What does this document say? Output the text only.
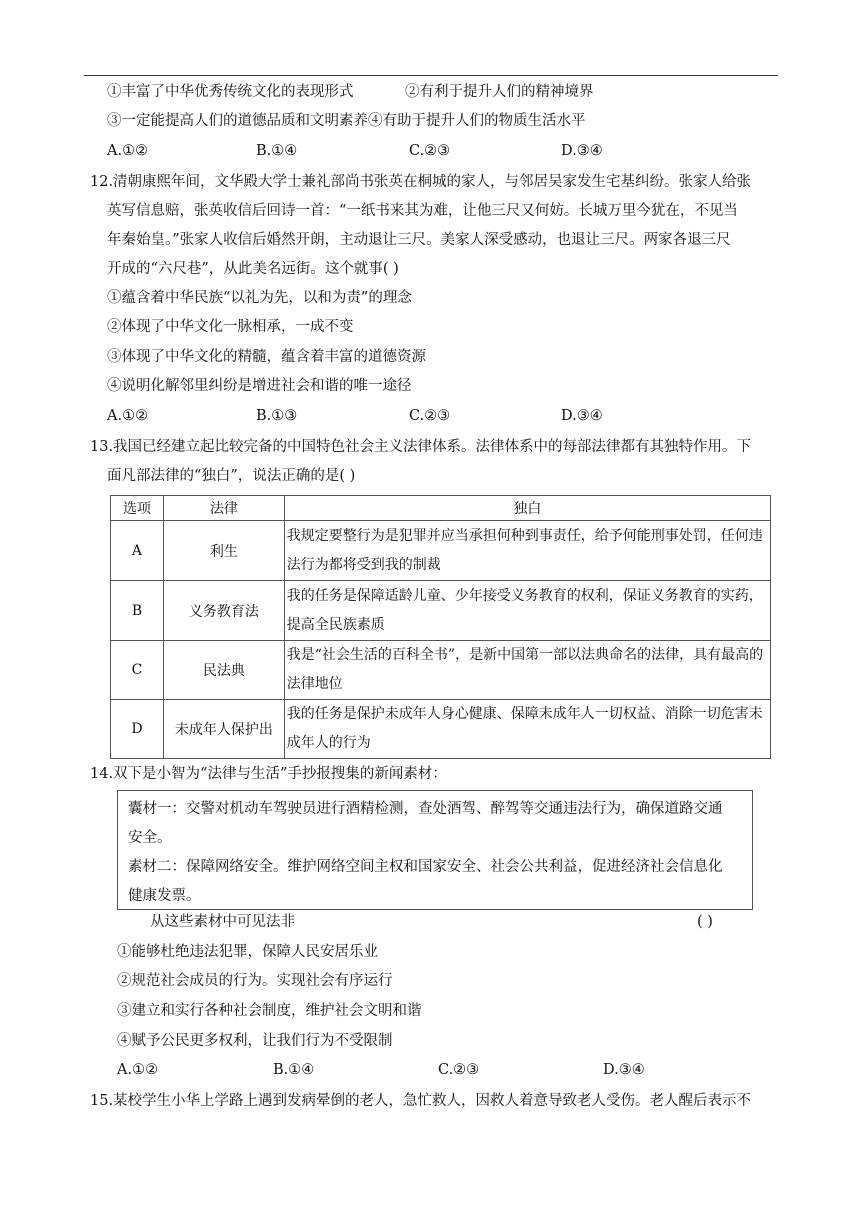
①丰富了中华优秀传统文化的表现形式	②有利于提升人们的精神境界
③一定能提高人们的道德品质和文明素养④有助于提升人们的物质生活水平
A.①②	B.①④	C.②③	D.③④
12.清朝康熙年间，文华殿大学士兼礼部尚书张英在桐城的家人，与邻居吴家发生宅基纠纷。张家人给张
英写信息赔，张英收信后回诗一首：“一纸书来其为难，让他三尺又何妨。长城万里今犹在，不见当
年秦始皇。”张家人收信后婚然开朗，主动退让三尺。美家人深受感动，也退让三尺。两家各退三尺
开成的“六尺巷”，从此美名远街。这个就事( )
①蕴含着中华民族“以礼为先，以和为责”的理念
②体现了中华文化一脉相承，一成不变
③体现了中华文化的精髓，蕴含着丰富的道德资源
④说明化解邻里纠纷是增进社会和谐的唯一途径
A.①②	B.①③	C.②③	D.③④
13.我国已经建立起比较完备的中国特色社会主义法律体系。法律体系中的每部法律都有其独特作用。下
面凡部法律的“独白”，说法正确的是( )
选项	法律	独白
A	利生	我规定要整行为是犯罪并应当承担何种到事责任，给予何能刑事处罚，任何违法行为都将受到我的制裁
B	义务教育法	我的任务是保障适龄儿童、少年接受义务教育的权利，保证义务教育的实药，提高全民族素质
C	民法典	我是“社会生活的百科全书”，是新中国第一部以法典命名的法律，具有最高的法律地位
D	未成年人保护出	我的任务是保护未成年人身心健康、保障未成年人一切权益、消除一切危害未成年人的行为
14.双下是小智为“法律与生活”手抄报搜集的新闻素材：
囊材一：交警对机动车驾驶员进行酒精检测，查处酒驾、醉驾等交通违法行为，确保道路交通
安全。
素材二：保障网络安全。维护网络空间主权和国家安全、社会公共利益，促进经济社会信息化
健康发票。
从这些素材中可见法非	( )
①能够杜绝违法犯罪，保障人民安居乐业
②规范社会成员的行为。实现社会有序运行
③建立和实行各种社会制度，维护社会文明和谐
④赋予公民更多权利，让我们行为不受限制
A.①②	B.①④	C.②③	D.③④
15.某校学生小华上学路上遇到发病晕倒的老人，急忙救人，因救人着意导致老人受伤。老人醒后表示不
